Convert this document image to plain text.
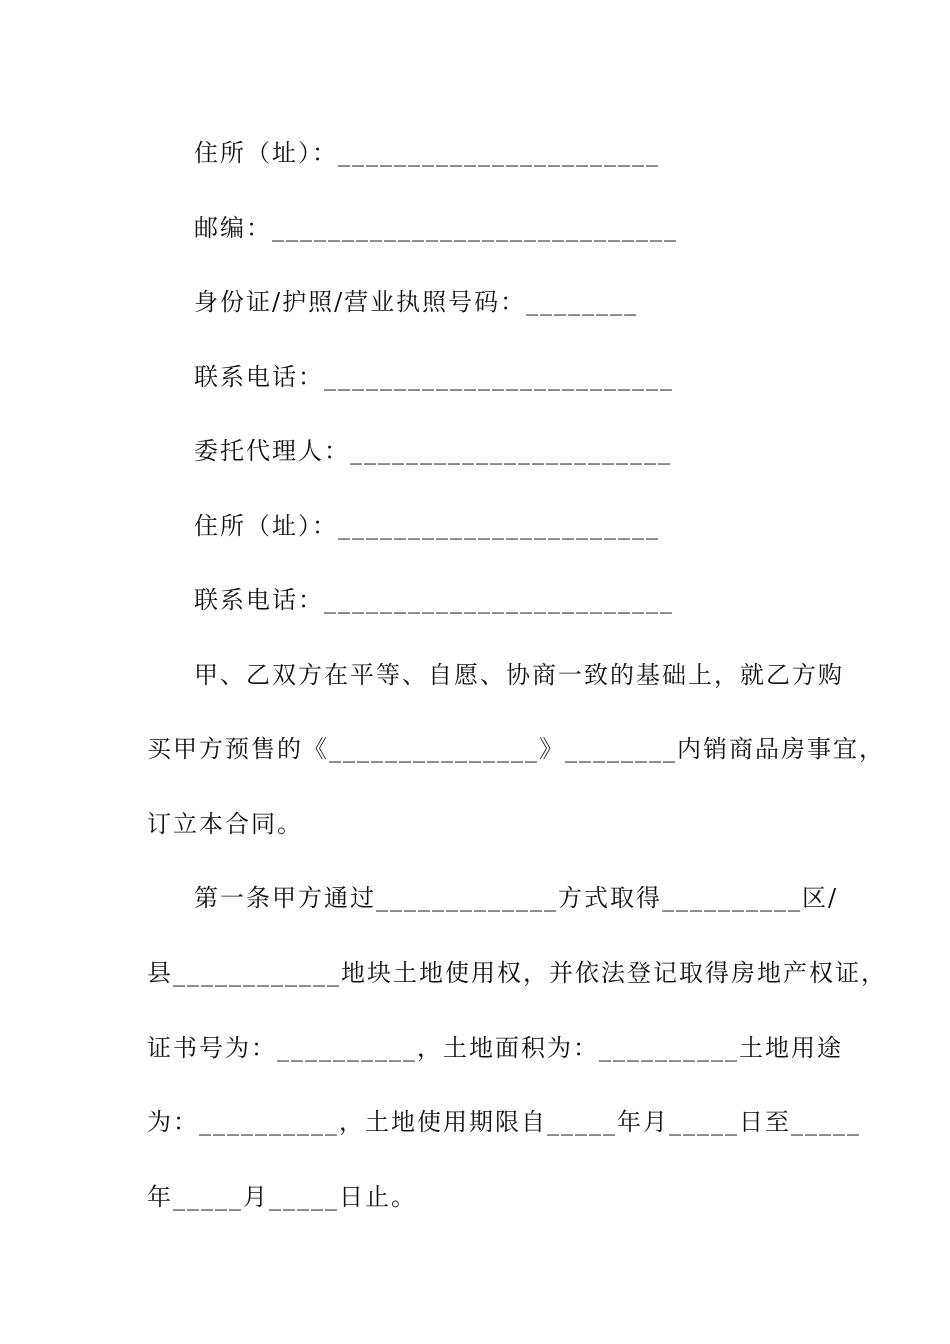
住所（址）：_______________________
邮编：_____________________________
身份证/护照/营业执照号码：________
联系电话：_________________________
委托代理人：_______________________
住所（址）：_______________________
联系电话：_________________________
甲、乙双方在平等、自愿、协商一致的基础上，就乙方购
买甲方预售的《_______________》________内销商品房事宜，
订立本合同。
第一条甲方通过_____________方式取得__________区/
县____________地块土地使用权，并依法登记取得房地产权证，
证书号为：__________，土地面积为：__________土地用途
为：__________，土地使用期限自_____年月_____日至_____
年_____月_____日止。
